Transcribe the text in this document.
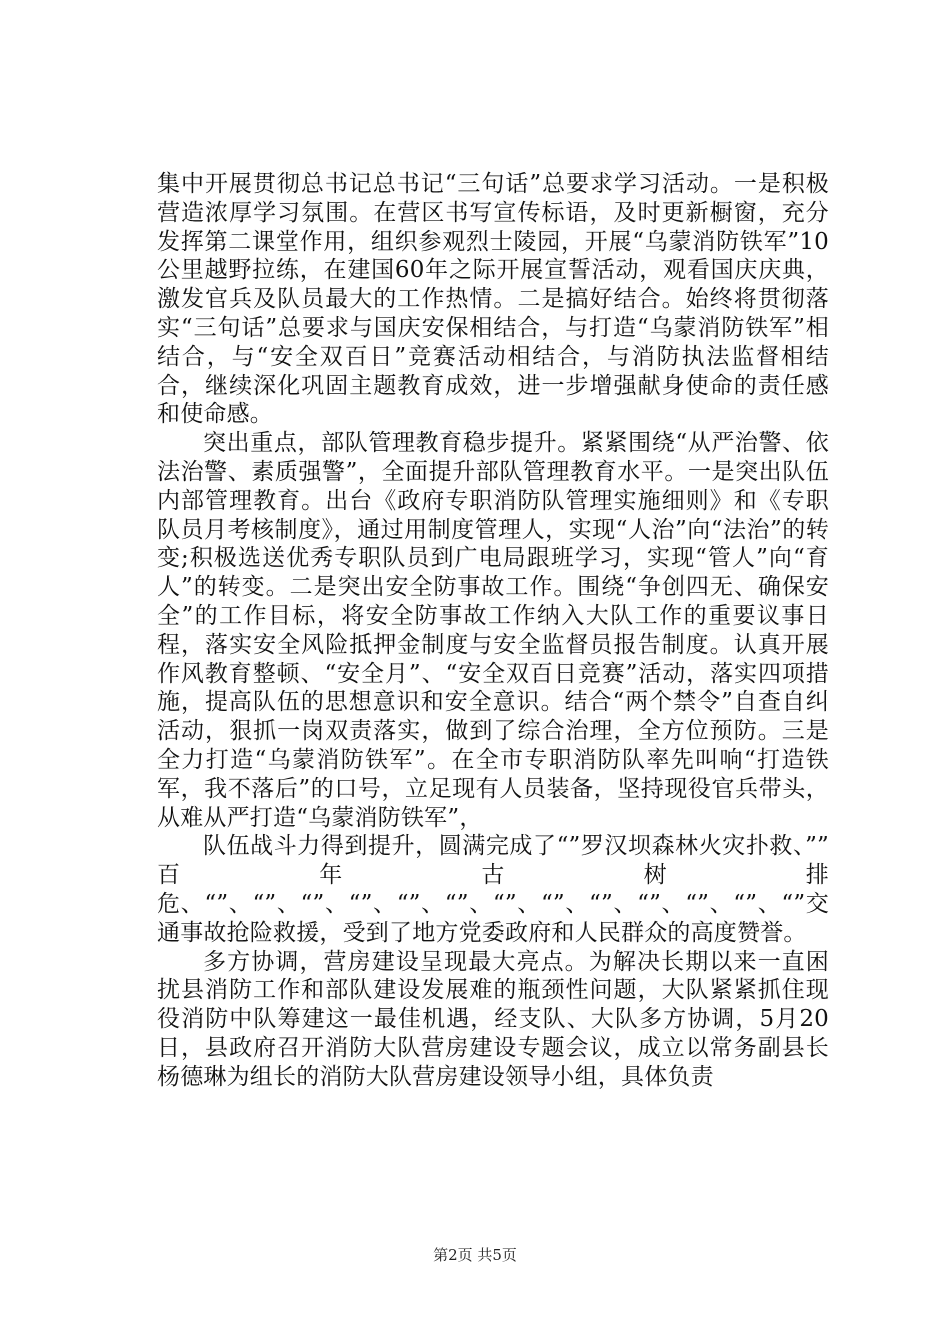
集中开展贯彻总书记总书记“三句话”总要求学习活动。一是积极营造浓厚学习氛围。在营区书写宣传标语，及时更新橱窗，充分发挥第二课堂作用，组织参观烈士陵园，开展“乌蒙消防铁军”10公里越野拉练，在建国60年之际开展宣誓活动，观看国庆庆典，激发官兵及队员最大的工作热情。二是搞好结合。始终将贯彻落实“三句话”总要求与国庆安保相结合，与打造“乌蒙消防铁军”相结合，与“安全双百日”竞赛活动相结合，与消防执法监督相结合，继续深化巩固主题教育成效，进一步增强献身使命的责任感和使命感。

突出重点，部队管理教育稳步提升。紧紧围绕“从严治警、依法治警、素质强警”，全面提升部队管理教育水平。一是突出队伍内部管理教育。出台《政府专职消防队管理实施细则》和《专职队员月考核制度》，通过用制度管理人，实现“人治”向“法治”的转变;积极选送优秀专职队员到广电局跟班学习，实现“管人”向“育人”的转变。二是突出安全防事故工作。围绕“争创四无、确保安全”的工作目标，将安全防事故工作纳入大队工作的重要议事日程，落实安全风险抵押金制度与安全监督员报告制度。认真开展作风教育整顿、“安全月”、“安全双百日竞赛”活动，落实四项措施，提高队伍的思想意识和安全意识。结合“两个禁令”自查自纠活动，狠抓一岗双责落实，做到了综合治理，全方位预防。三是全力打造“乌蒙消防铁军”。在全市专职消防队率先叫响“打造铁军，我不落后”的口号，立足现有人员装备，坚持现役官兵带头，从难从严打造“乌蒙消防铁军”，

队伍战斗力得到提升，圆满完成了“”罗汉坝森林火灾扑救、”” 百年古树排危、“”、“”、“”、“”、“”、“”、“”、“”、“”、“”、“”、“”、“”交通事故抢险救援，受到了地方党委政府和人民群众的高度赞誉。

多方协调，营房建设呈现最大亮点。为解决长期以来一直困扰县消防工作和部队建设发展难的瓶颈性问题，大队紧紧抓住现役消防中队筹建这一最佳机遇，经支队、大队多方协调，5月20日，县政府召开消防大队营房建设专题会议，成立以常务副县长杨德琳为组长的消防大队营房建设领导小组，具体负责

第2页 共5页
